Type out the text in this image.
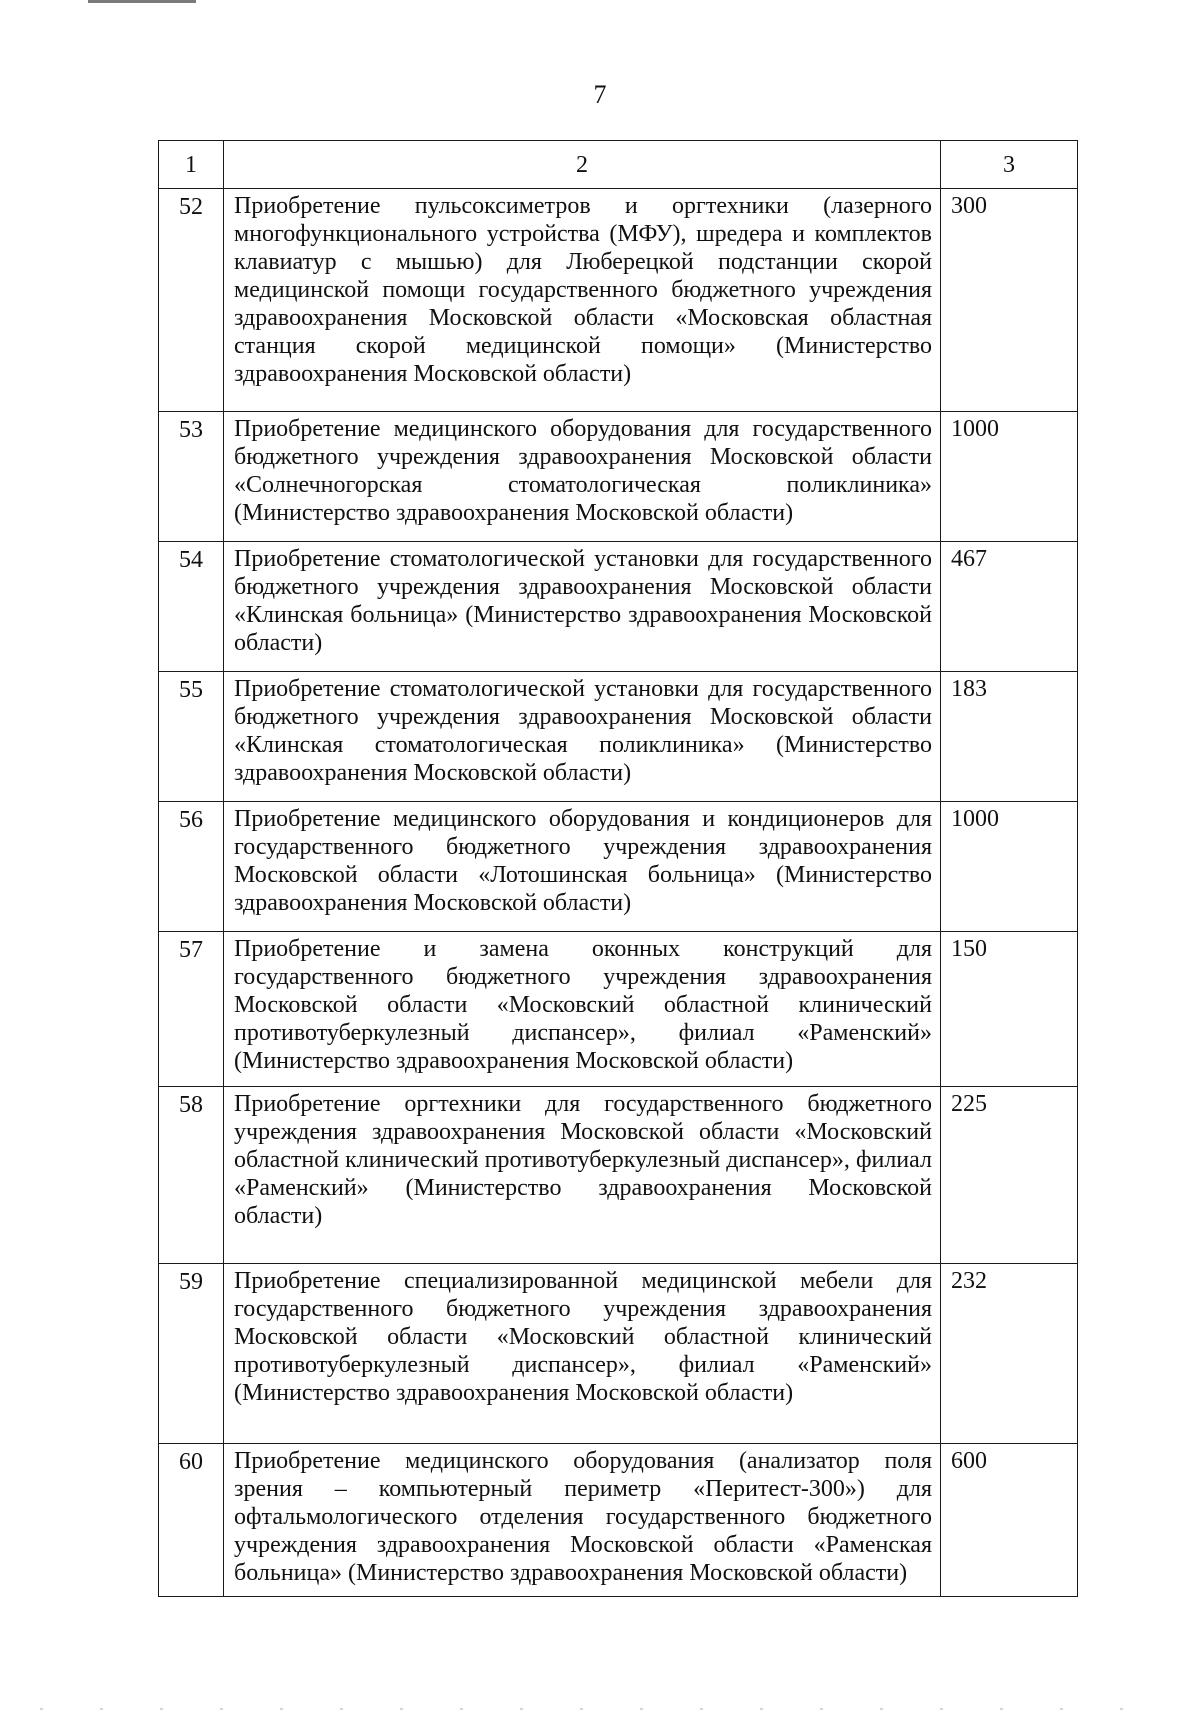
7
1	2	3

52	Приобретение пульсоксиметров и оргтехники (лазерного многофункционального устройства (МФУ), шредера и комплектов клавиатур с мышью) для Люберецкой подстанции скорой медицинской помощи государственного бюджетного учреждения здравоохранения Московской области «Московская областная станция скорой медицинской помощи» (Министерство здравоохранения Московской области)	300

53	Приобретение медицинского оборудования для государственного бюджетного учреждения здравоохранения Московской области «Солнечногорская стоматологическая поликлиника» (Министерство здравоохранения Московской области)	1000

54	Приобретение стоматологической установки для государственного бюджетного учреждения здравоохранения Московской области «Клинская больница» (Министерство здравоохранения Московской области)	467

55	Приобретение стоматологической установки для государственного бюджетного учреждения здравоохранения Московской области «Клинская стоматологическая поликлиника» (Министерство здравоохранения Московской области)	183

56	Приобретение медицинского оборудования и кондиционеров для государственного бюджетного учреждения здравоохранения Московской области «Лотошинская больница» (Министерство здравоохранения Московской области)	1000

57	Приобретение и замена оконных конструкций для государственного бюджетного учреждения здравоохранения Московской области «Московский областной клинический противотуберкулезный диспансер», филиал «Раменский» (Министерство здравоохранения Московской области)	150

58	Приобретение оргтехники для государственного бюджетного учреждения здравоохранения Московской области «Московский областной клинический противотуберкулезный диспансер», филиал «Раменский» (Министерство здравоохранения Московской области)	225

59	Приобретение специализированной медицинской мебели для государственного бюджетного учреждения здравоохранения Московской области «Московский областной клинический противотуберкулезный диспансер», филиал «Раменский» (Министерство здравоохранения Московской области)	232

60	Приобретение медицинского оборудования (анализатор поля зрения – компьютерный периметр «Перитест-300») для офтальмологического отделения государственного бюджетного учреждения здравоохранения Московской области «Раменская больница» (Министерство здравоохранения Московской области)	600
